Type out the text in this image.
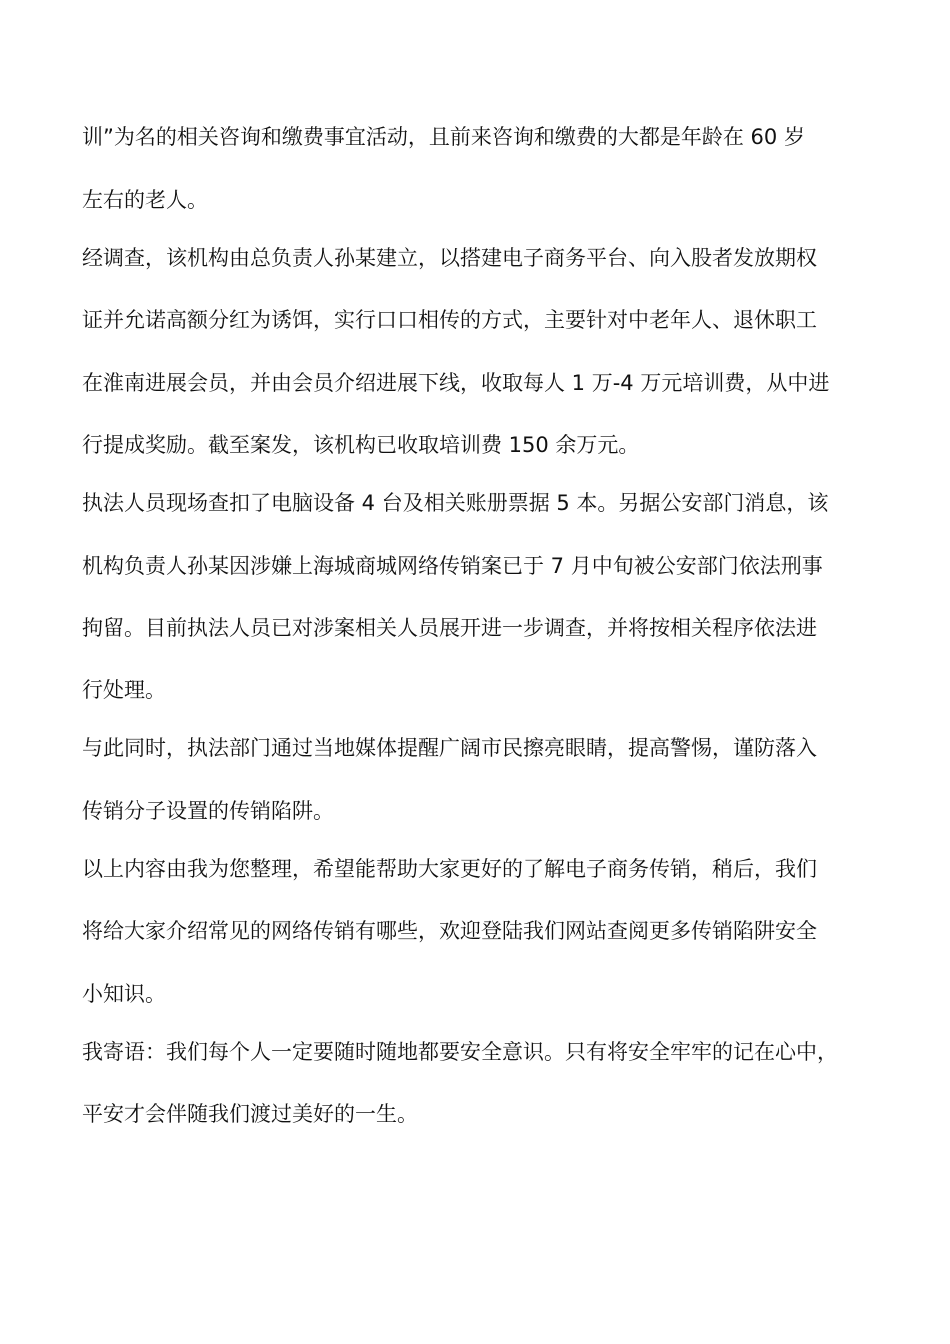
训”为名的相关咨询和缴费事宜活动，且前来咨询和缴费的大都是年龄在 60 岁
左右的老人。
经调查，该机构由总负责人孙某建立，以搭建电子商务平台、向入股者发放期权
证并允诺高额分红为诱饵，实行口口相传的方式，主要针对中老年人、退休职工
在淮南进展会员，并由会员介绍进展下线，收取每人 1 万-4 万元培训费，从中进
行提成奖励。截至案发，该机构已收取培训费 150 余万元。
执法人员现场查扣了电脑设备 4 台及相关账册票据 5 本。另据公安部门消息，该
机构负责人孙某因涉嫌上海城商城网络传销案已于 7 月中旬被公安部门依法刑事
拘留。目前执法人员已对涉案相关人员展开进一步调查，并将按相关程序依法进
行处理。
与此同时，执法部门通过当地媒体提醒广阔市民擦亮眼睛，提高警惕，谨防落入
传销分子设置的传销陷阱。
以上内容由我为您整理，希望能帮助大家更好的了解电子商务传销，稍后，我们
将给大家介绍常见的网络传销有哪些，欢迎登陆我们网站查阅更多传销陷阱安全
小知识。
我寄语：我们每个人一定要随时随地都要安全意识。只有将安全牢牢的记在心中，
平安才会伴随我们渡过美好的一生。
